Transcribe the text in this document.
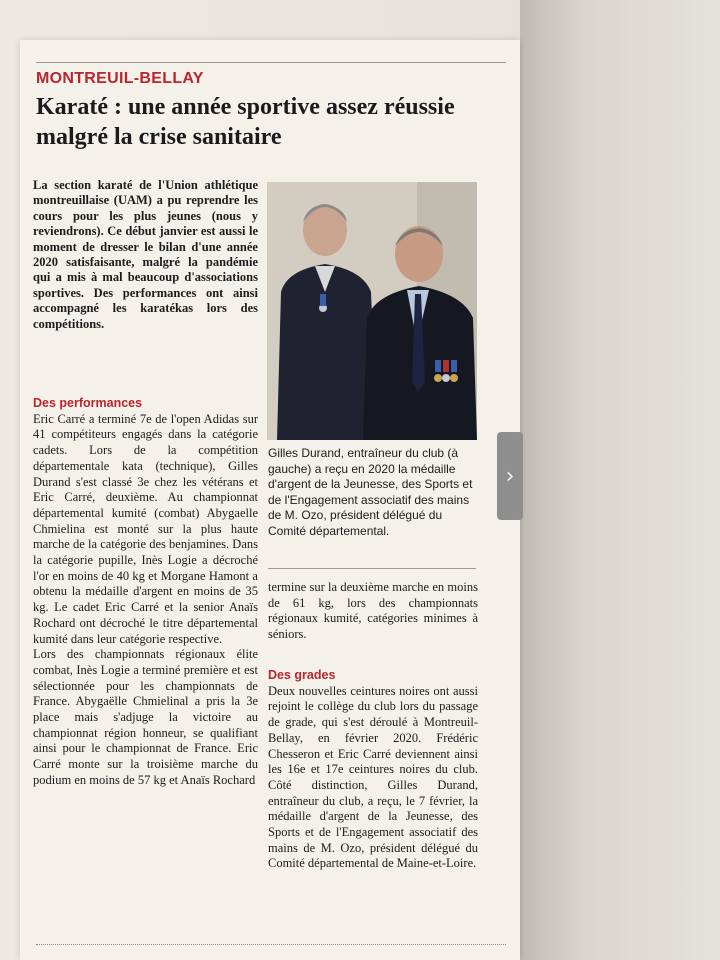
MONTREUIL-BELLAY
Karaté : une année sportive assez réussie malgré la crise sanitaire
La section karaté de l'Union athlétique montreuillaise (UAM) a pu reprendre les cours pour les plus jeunes (nous y reviendrons). Ce début janvier est aussi le moment de dresser le bilan d'une année 2020 satisfaisante, malgré la pandémie qui a mis à mal beaucoup d'associations sportives. Des performances ont ainsi accompagné les karatékas lors des compétitions.

Des performances

Eric Carré a terminé 7e de l'open Adidas sur 41 compétiteurs engagés dans la catégorie cadets. Lors de la compétition départementale kata (technique), Gilles Durand s'est classé 3e chez les vétérans et Eric Carré, deuxième. Au championnat départemental kumité (combat) Abygaelle Chmielina est monté sur la plus haute marche de la catégorie des benjamines. Dans la catégorie pupille, Inès Logie a décroché l'or en moins de 40 kg et Morgane Hamont a obtenu la médaille d'argent en moins de 35 kg. Le cadet Eric Carré et la senior Anaïs Rochard ont décroché le titre départemental kumité dans leur catégorie respective.

Lors des championnats régionaux élite combat, Inès Logie a terminé première et est sélectionnée pour les championnats de France. Abygaëlle Chmielinal a pris la 3e place mais s'adjuge la victoire au championnat région honneur, se qualifiant ainsi pour le championnat de France. Eric Carré monte sur la troisième marche du podium en moins de 57 kg et Anaïs Rochard

Gilles Durand, entraîneur du club (à gauche) a reçu en 2020 la médaille d'argent de la Jeunesse, des Sports et de l'Engagement associatif des mains de M. Ozo, président délégué du Comité départemental.
termine sur la deuxième marche en moins de 61 kg, lors des championnats régionaux kumité, catégories minimes à séniors.

Des grades

Deux nouvelles ceintures noires ont aussi rejoint le collège du club lors du passage de grade, qui s'est déroulé à Montreuil-Bellay, en février 2020. Frédéric Chesseron et Eric Carré deviennent ainsi les 16e et 17e ceintures noires du club. Côté distinction, Gilles Durand, entraîneur du club, a reçu, le 7 février, la médaille d'argent de la Jeunesse, des Sports et de l'Engagement associatif des mains de M. Ozo, président délégué du Comité départemental de Maine-et-Loire.

›
